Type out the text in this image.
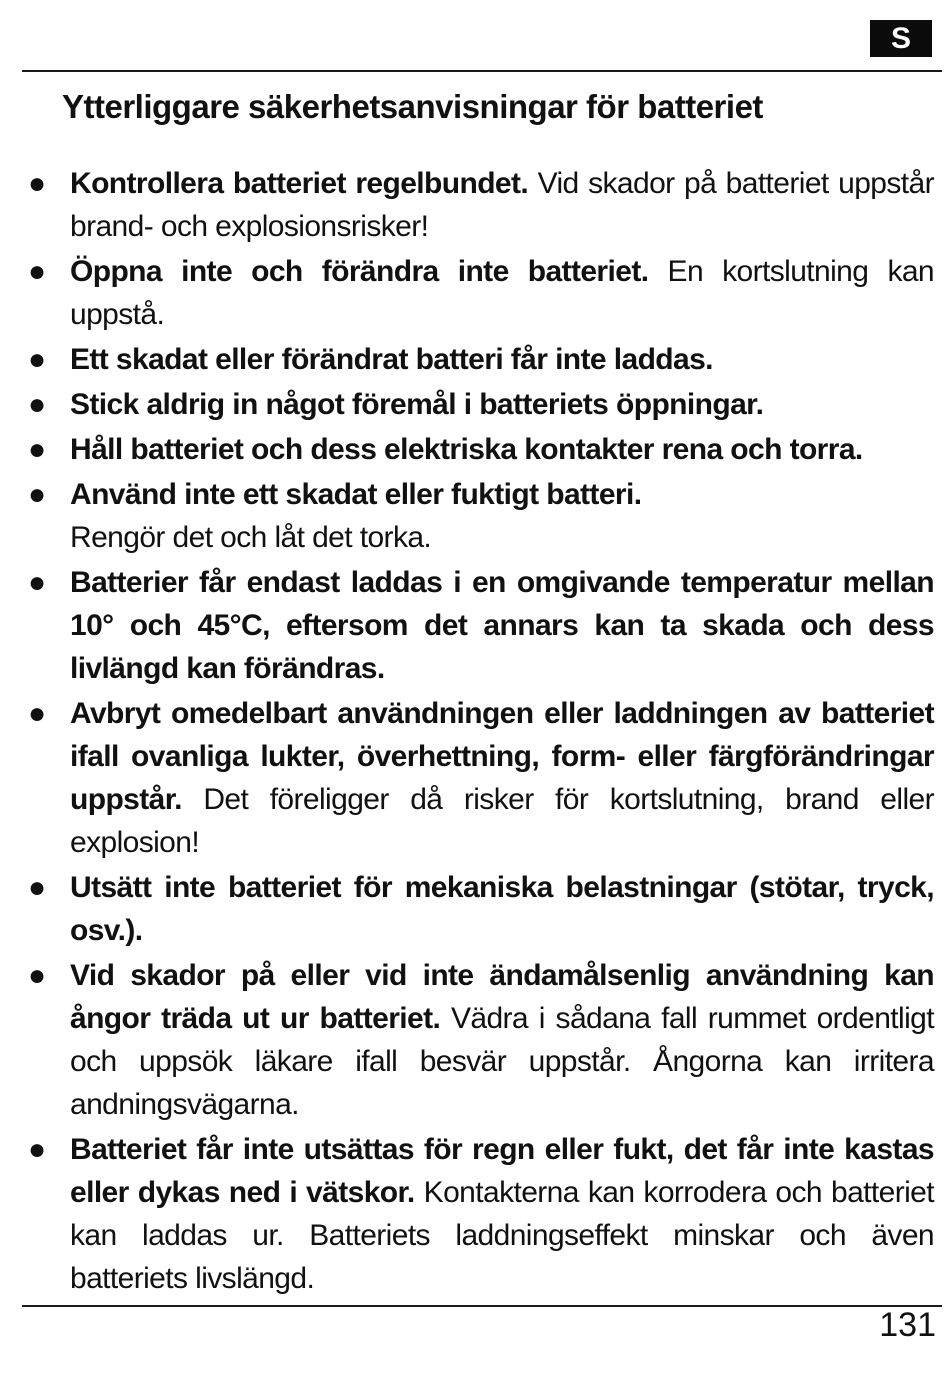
S
Ytterliggare säkerhetsanvisningar för batteriet
● Kontrollera batteriet regelbundet. Vid skador på batteriet uppstår brand- och explosionsrisker!
● Öppna inte och förändra inte batteriet. En kortslutning kan uppstå.
● Ett skadat eller förändrat batteri får inte laddas.
● Stick aldrig in något föremål i batteriets öppningar.
● Håll batteriet och dess elektriska kontakter rena och torra.
● Använd inte ett skadat eller fuktigt batteri.
Rengör det och låt det torka.
● Batterier får endast laddas i en omgivande temperatur mellan 10° och 45°C, eftersom det annars kan ta skada och dess livlängd kan förändras.
● Avbryt omedelbart användningen eller laddningen av batteriet ifall ovanliga lukter, överhettning, form- eller färgförändringar uppstår. Det föreligger då risker för kortslutning, brand eller explosion!
● Utsätt inte batteriet för mekaniska belastningar (stötar, tryck, osv.).
● Vid skador på eller vid inte ändamålsenlig användning kan ångor träda ut ur batteriet. Vädra i sådana fall rummet ordentligt och uppsök läkare ifall besvär uppstår. Ångorna kan irritera andningsvägarna.
● Batteriet får inte utsättas för regn eller fukt, det får inte kastas eller dykas ned i vätskor. Kontakterna kan korrodera och batteriet kan laddas ur. Batteriets laddningseffekt minskar och även batteriets livslängd.
131
